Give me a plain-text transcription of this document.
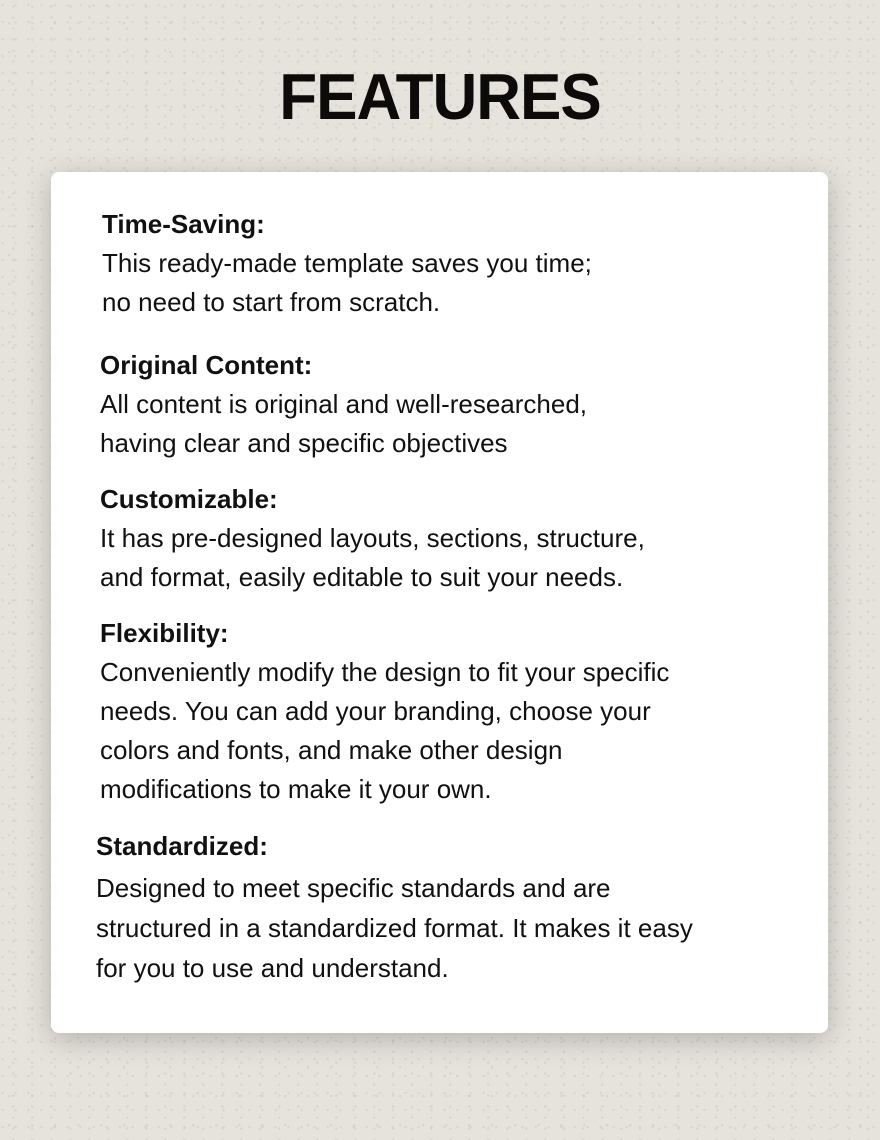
FEATURES
Time-Saving:

This ready-made template saves you time;
no need to start from scratch.

Original Content:

All content is original and well-researched,
having clear and specific objectives

Customizable:

It has pre-designed layouts, sections, structure,
and format, easily editable to suit your needs.

Flexibility:

Conveniently modify the design to fit your specific
needs. You can add your branding, choose your
colors and fonts, and make other design
modifications to make it your own.

Standardized:

Designed to meet specific standards and are
structured in a standardized format. It makes it easy
for you to use and understand.
